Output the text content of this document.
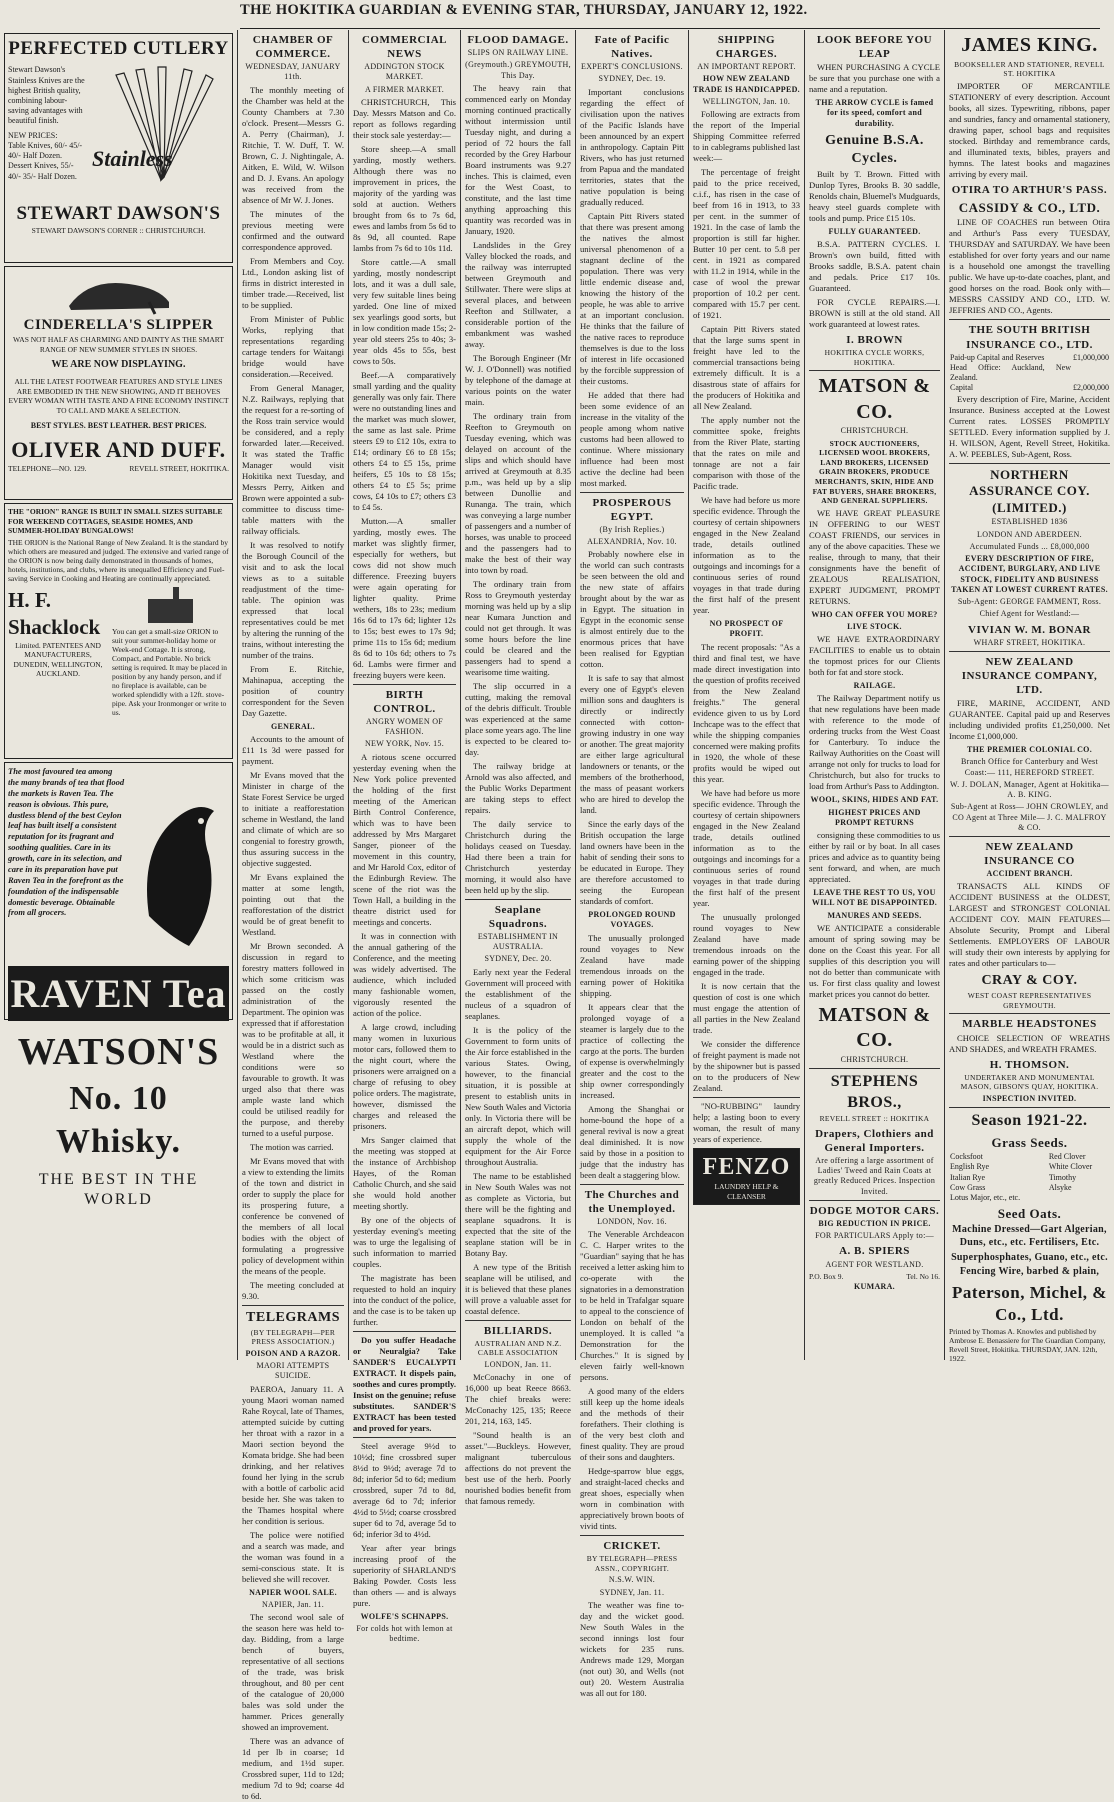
THE HOKITIKA GUARDIAN & EVENING STAR, THURSDAY, JANUARY 12, 1922.
PERFECTED CUTLERY
Stewart Dawson's Stainless Knives are the highest British quality, combining labour-saving advantages with beautiful finish.
NEW PRICES:
Table Knives, 60/- 45/- 40/- Half Dozen.
Dessert Knives, 55/- 40/- 35/- Half Dozen.
Stainless
STEWART DAWSON'S
STEWART DAWSON'S CORNER :: CHRISTCHURCH.
CINDERELLA'S SLIPPER
WAS NOT HALF AS CHARMING AND DAINTY AS THE SMART RANGE OF NEW SUMMER STYLES IN SHOES.
WE ARE NOW DISPLAYING.
ALL THE LATEST FOOTWEAR FEATURES AND STYLE LINES ARE EMBODIED IN THE NEW SHOWING, AND IT BEHOVES EVERY WOMAN WITH TASTE AND A FINE ECONOMY INSTINCT TO CALL AND MAKE A SELECTION.
BEST STYLES. BEST LEATHER. BEST PRICES.
OLIVER AND DUFF.
TELEPHONE—NO. 129.	REVELL STREET, HOKITIKA.
THE "ORION" RANGE IS BUILT IN SMALL SIZES SUITABLE FOR WEEKEND COTTAGES, SEASIDE HOMES, AND SUMMER-HOLIDAY BUNGALOWS!
THE ORION is the National Range of New Zealand. It is the standard by which others are measured and judged. The extensive and varied range of the ORION is now being daily demonstrated in thousands of homes, hotels, institutions, and clubs, where its unequalled Efficiency and Fuel-saving Service in Cooking and Heating are continually appreciated.
H. F. Shacklock
Limited. PATENTEES AND MANUFACTURERS, DUNEDIN, WELLINGTON, AUCKLAND.
You can get a small-size ORION to suit your summer-holiday home or Week-end Cottage. It is strong, Compact, and Portable. No brick setting is required. It may be placed in position by any handy person, and if no fireplace is available, can be worked splendidly with a 12ft. stove-pipe. Ask your Ironmonger or write to us.
The most favoured tea among the many brands of tea that flood the markets is Raven Tea. The reason is obvious. This pure, dustless blend of the best Ceylon leaf has built itself a consistent reputation for its fragrant and soothing qualities. Care in its growth, care in its selection, and care in its preparation have put Raven Tea in the forefront as the foundation of the indispensable domestic beverage. Obtainable from all grocers.
RAVEN Tea
WATSON'S
No. 10 Whisky.
THE BEST IN THE WORLD
CHAMBER OF COMMERCE.
WEDNESDAY, JANUARY 11th.

The monthly meeting of the Chamber was held at the County Chambers at 7.30 o'clock. Present—Messrs G. A. Perry (Chairman), J. Ritchie, T. W. Duff, T. W. Brown, C. J. Nightingale, A. Aitken, E. Wild, W. Wilson and D. J. Evans. An apology was received from the absence of Mr W. J. Jones.

The minutes of the previous meeting were confirmed and the outward correspondence approved.

From Members and Coy. Ltd., London asking list of firms in district interested in timber trade.—Received, list to be supplied.

From Minister of Public Works, replying that representations regarding cartage tenders for Waitangi bridge would have consideration.—Received.

From General Manager, N.Z. Railways, replying that the request for a re-sorting of the Ross train service would be considered, and a reply forwarded later.—Received. It was stated the Traffic Manager would visit Hokitika next Tuesday, and Messrs Perry, Aitken and Brown were appointed a sub-committee to discuss time-table matters with the railway officials.

It was resolved to notify the Borough Council of the visit and to ask the local views as to a suitable readjustment of the time-table. The opinion was expressed that local representatives could be met by altering the running of the trains, without interesting the number of the trains.

From E. Ritchie, Mahinapua, accepting the position of country correspondent for the Seven Day Gazette.

GENERAL.

Accounts to the amount of £11 1s 3d were passed for payment.

Mr Evans moved that the Minister in charge of the State Forest Service be urged to initiate a reafforestation scheme in Westland, the land and climate of which are so congenial to forestry growth, thus assuring success in the objective suggested.

Mr Evans explained the matter at some length, pointing out that the reafforestation of the district would be of great benefit to Westland.

Mr Brown seconded. A discussion in regard to forestry matters followed in which some criticism was passed on the costly administration of the Department. The opinion was expressed that if afforestation was to be profitable at all, it would be in a district such as Westland where the conditions were so favourable to growth. It was urged also that there was ample waste land which could be utilised readily for the purpose, and thereby turned to a useful purpose.

The motion was carried.

Mr Evans moved that with a view to extending the limits of the town and district in order to supply the place for its prospering future, a conference be convened of the members of all local bodies with the object of formulating a progressive policy of development within the means of the people.

The meeting concluded at 9.30.

TELEGRAMS
(BY TELEGRAPH—PER PRESS ASSOCIATION.)
POISON AND A RAZOR.
MAORI ATTEMPTS SUICIDE.

PAEROA, January 11. A young Maori woman named Rahe Roycal, late of Thames, attempted suicide by cutting her throat with a razor in a Maori section beyond the Komata bridge. She had been drinking, and her relatives found her lying in the scrub with a bottle of carbolic acid beside her. She was taken to the Thames hospital where her condition is serious.

The police were notified and a search was made, and the woman was found in a semi-conscious state. It is believed she will recover.

NAPIER WOOL SALE.
NAPIER, Jan. 11.

The second wool sale of the season here was held to-day. Bidding, from a large bench of buyers, representative of all sections of the trade, was brisk throughout, and 80 per cent of the catalogue of 20,000 bales was sold under the hammer. Prices generally showed an improvement.

There was an advance of 1d per lb in coarse; 1d medium, and 1½d super. Crossbred super, 11d to 12d; medium 7d to 9d; coarse 4d to 6d.

COMMERCIAL NEWS
ADDINGTON STOCK MARKET.
A FIRMER MARKET.

CHRISTCHURCH, This Day. Messrs Matson and Co. report as follows regarding their stock sale yesterday:—

Store sheep.—A small yarding, mostly wethers. Although there was no improvement in prices, the majority of the yarding was sold at auction. Wethers brought from 6s to 7s 6d, ewes and lambs from 5s 6d to 8s 9d, all counted. Rape lambs from 7s 6d to 10s 11d.

Store cattle.—A small yarding, mostly nondescript lots, and it was a dull sale, very few suitable lines being yarded. One line of mixed sex yearlings good sorts, but in low condition made 15s; 2-year old steers 25s to 40s; 3-year olds 45s to 55s, best cows to 50s.

Beef.—A comparatively small yarding and the quality generally was only fair. There were no outstanding lines and the market was much slower, the same as last sale. Prime steers £9 to £12 10s, extra to £14; ordinary £6 to £8 15s; others £4 to £5 15s, prime heifers, £5 10s to £8 15s; others £4 to £5 5s; prime cows, £4 10s to £7; others £3 to £4 5s.

Mutton.—A smaller yarding, mostly ewes. The market was slightly firmer, especially for wethers, but cows did not show much difference. Freezing buyers were again operating for lighter quality. Prime wethers, 18s to 23s; medium 16s 6d to 17s 6d; lighter 12s to 15s; best ewes to 17s 9d; prime 11s to 15s 6d; medium 8s 6d to 10s 6d; others to 7s 6d. Lambs were firmer and freezing buyers were keen.

BIRTH CONTROL.
ANGRY WOMEN OF FASHION.
NEW YORK, Nov. 15.

A riotous scene occurred yesterday evening when the New York police prevented the holding of the first meeting of the American Birth Control Conference, which was to have been addressed by Mrs Margaret Sanger, pioneer of the movement in this country, and Mr Harold Cox, editor of the Edinburgh Review. The scene of the riot was the Town Hall, a building in the theatre district used for meetings and concerts.

It was in connection with the annual gathering of the Conference, and the meeting was widely advertised. The audience, which included many fashionable women, vigorously resented the action of the police.

A large crowd, including many women in luxurious motor cars, followed them to the night court, where the prisoners were arraigned on a charge of refusing to obey police orders. The magistrate, however, dismissed the charges and released the prisoners.

Mrs Sanger claimed that the meeting was stopped at the instance of Archbishop Hayes, of the Roman Catholic Church, and she said she would hold another meeting shortly.

By one of the objects of yesterday evening's meeting was to urge the legalising of such information to married couples.

The magistrate has been requested to hold an inquiry into the conduct of the police, and the case is to be taken up further.

Do you suffer Headache or Neuralgia? Take SANDER'S EUCALYPTI EXTRACT. It dispels pain, soothes and cures promptly. Insist on the genuine; refuse substitutes. SANDER'S EXTRACT has been tested and proved for years.

Steel average 9½d to 10½d; fine crossbred super 8½d to 9½d; average 7d to 8d; inferior 5d to 6d; medium crossbred, super 7d to 8d, average 6d to 7d; inferior 4½d to 5½d; coarse crossbred super 6d to 7d, average 5d to 6d; inferior 3d to 4½d.

Year after year brings increasing proof of the superiority of SHARLAND'S Baking Powder. Costs less than others — and is always pure.

WOLFE'S SCHNAPPS.
For colds hot with lemon at bedtime.
FLOOD DAMAGE.
SLIPS ON RAILWAY LINE.
(Greymouth.) GREYMOUTH, This Day.

The heavy rain that commenced early on Monday morning continued practically without intermission until Tuesday night, and during a period of 72 hours the fall recorded by the Grey Harbour Board instruments was 9.27 inches. This is claimed, even for the West Coast, to constitute, and the last time anything approaching this quantity was recorded was in January, 1920.

Landslides in the Grey Valley blocked the roads, and the railway was interrupted between Greymouth and Stillwater. There were slips at several places, and between Reefton and Stillwater, a considerable portion of the embankment was washed away.

The Borough Engineer (Mr W. J. O'Donnell) was notified by telephone of the damage at various points on the water main.

The ordinary train from Reefton to Greymouth on Tuesday evening, which was delayed on account of the slips and which should have arrived at Greymouth at 8.35 p.m., was held up by a slip between Dunollie and Runanga. The train, which was conveying a large number of passengers and a number of horses, was unable to proceed and the passengers had to make the best of their way into town by road.

The ordinary train from Ross to Greymouth yesterday morning was held up by a slip near Kumara Junction and could not get through. It was some hours before the line could be cleared and the passengers had to spend a wearisome time waiting.

The slip occurred in a cutting, making the removal of the debris difficult. Trouble was experienced at the same place some years ago. The line is expected to be cleared to-day.

The railway bridge at Arnold was also affected, and the Public Works Department are taking steps to effect repairs.

The daily service to Christchurch during the holidays ceased on Tuesday. Had there been a train for Christchurch yesterday morning, it would also have been held up by the slip.

Seaplane Squadrons.
ESTABLISHMENT IN AUSTRALIA.
SYDNEY, Dec. 20.

Early next year the Federal Government will proceed with the establishment of the nucleus of a squadron of seaplanes.

It is the policy of the Government to form units of the Air force established in the various States. Owing, however, to the financial situation, it is possible at present to establish units in New South Wales and Victoria only. In Victoria there will be an aircraft depot, which will supply the whole of the equipment for the Air Force throughout Australia.

The name to be established in New South Wales was not as complete as Victoria, but there will be the fighting and seaplane squadrons. It is expected that the site of the seaplane station will be in Botany Bay.

A new type of the British seaplane will be utilised, and it is believed that these planes will prove a valuable asset for coastal defence.

BILLIARDS.
AUSTRALIAN AND N.Z. CABLE ASSOCIATION
LONDON, Jan. 11.

McConachy in one of 16,000 up beat Reece 8663. The chief breaks were: McConachy 125, 135; Reece 201, 214, 163, 145.

"Sound health is an asset."—Buckleys. However, malignant tuberculous affections do not prevent the best use of the herb. Poorly nourished bodies benefit from that famous remedy.

Fate of Pacific Natives.
EXPERT'S CONCLUSIONS.
SYDNEY, Dec. 19.

Important conclusions regarding the effect of civilisation upon the natives of the Pacific Islands have been announced by an expert in anthropology. Captain Pitt Rivers, who has just returned from Papua and the mandated territories, states that the native population is being gradually reduced.

Captain Pitt Rivers stated that there was present among the natives the almost universal phenomenon of a stagnant decline of the population. There was very little endemic disease and, knowing the history of the people, he was able to arrive at an important conclusion. He thinks that the failure of the native races to reproduce themselves is due to the loss of interest in life occasioned by the forcible suppression of their customs.

He added that there had been some evidence of an increase in the vitality of the people among whom native customs had been allowed to continue. Where missionary influence had been most active the decline had been most marked.

PROSPEROUS EGYPT.
(By Irish Replies.)
ALEXANDRIA, Nov. 10.

Probably nowhere else in the world can such contrasts be seen between the old and the new state of affairs brought about by the war as in Egypt. The situation in Egypt in the economic sense is almost entirely due to the enormous prices that have been realised for Egyptian cotton.

It is safe to say that almost every one of Egypt's eleven million sons and daughters is directly or indirectly connected with cotton-growing industry in one way or another. The great majority are either large agricultural landowners or tenants, or the members of the brotherhood, the mass of peasant workers who are hired to develop the land.

Since the early days of the British occupation the large land owners have been in the habit of sending their sons to be educated in Europe. They are therefore accustomed to seeing the European standards of comfort.

PROLONGED ROUND VOYAGES.

The unusually prolonged round voyages to New Zealand have made tremendous inroads on the earning power of Hokitika shipping.

It appears clear that the prolonged voyage of a steamer is largely due to the practice of collecting the cargo at the ports. The burden of expense is overwhelmingly greater and the cost to the ship owner correspondingly increased.

Among the Shanghai or home-bound the hope of a general revival is now a great deal diminished. It is now said by those in a position to judge that the industry has been dealt a staggering blow.

The Churches and the Unemployed.
LONDON, Nov. 16.

The Venerable Archdeacon C. C. Harper writes to the "Guardian" saying that he has received a letter asking him to co-operate with the signatories in a demonstration to be held in Trafalgar square to appeal to the conscience of London on behalf of the unemployed. It is called "a Demonstration for the Churches." It is signed by eleven fairly well-known persons.

A good many of the elders still keep up the home ideals and the methods of their forefathers. Their clothing is of the very best cloth and finest quality. They are proud of their sons and daughters.

Hedge-sparrow blue eggs, and straight-laced checks and great shoes, especially when worn in combination with appreciatively brown boots of vivid tints.

CRICKET.
BY TELEGRAPH—PRESS ASSN., COPYRIGHT.
N.S.W. WIN.
SYDNEY, Jan. 11.

The weather was fine to-day and the wicket good. New South Wales in the second innings lost four wickets for 235 runs. Andrews made 129, Morgan (not out) 30, and Wells (not out) 20. Western Australia was all out for 180.

SHIPPING CHARGES.
AN IMPORTANT REPORT.
HOW NEW ZEALAND TRADE IS HANDICAPPED.
WELLINGTON, Jan. 10.

Following are extracts from the report of the Imperial Shipping Committee referred to in cablegrams published last week:—

The percentage of freight paid to the price received, c.i.f., has risen in the case of beef from 16 in 1913, to 33 per cent. in the summer of 1921. In the case of lamb the proportion is still far higher. Butter 10 per cent. to 5.8 per cent. in 1921 as compared with 11.2 in 1914, while in the case of wool the prewar proportion of 10.2 per cent. compared with 15.7 per cent. of 1921.

Captain Pitt Rivers stated that the large sums spent in freight have led to the commercial transactions being extremely difficult. It is a disastrous state of affairs for the producers of Hokitika and all New Zealand.

The apply number not the committee spoke, freights from the River Plate, starting that the rates on mile and tonnage are not a fair comparison with those of the Pacific trade.

We have had before us more specific evidence. Through the courtesy of certain shipowners engaged in the New Zealand trade, details outlined information as to the outgoings and incomings for a continuous series of round voyages in that trade during the first half of the present year.

NO PROSPECT OF PROFIT.

The recent proposals: "As a third and final test, we have made direct investigation into the question of profits received from the New Zealand freights." The general evidence given to us by Lord Inchcape was to the effect that while the shipping companies concerned were making profits in 1920, the whole of these profits would be wiped out this year.

We have had before us more specific evidence. Through the courtesy of certain shipowners engaged in the New Zealand trade, details outlined information as to the outgoings and incomings for a continuous series of round voyages in that trade during the first half of the present year.

The unusually prolonged round voyages to New Zealand have made tremendous inroads on the earning power of the shipping engaged in the trade.

It is now certain that the question of cost is one which must engage the attention of all parties in the New Zealand trade.

We consider the difference of freight payment is made not by the shipowner but is passed on to the producers of New Zealand.

"NO-RUBBING" laundry help; a lasting boon to every woman, the result of many years of experience.

FENZO
LAUNDRY HELP & CLEANSER
LOOK BEFORE YOU LEAP

WHEN PURCHASING A CYCLE be sure that you purchase one with a name and a reputation.

THE ARROW CYCLE is famed for its speed, comfort and durability.
Genuine B.S.A. Cycles.

Built by T. Brown. Fitted with Dunlop Tyres, Brooks B. 30 saddle, Renolds chain, Bluemel's Mudguards, heavy steel guards complete with tools and pump. Price £15 10s.

FULLY GUARANTEED.

B.S.A. PATTERN CYCLES. I. Brown's own build, fitted with Brooks saddle, B.S.A. patent chain and pedals. Price £17 10s. Guaranteed.

FOR CYCLE REPAIRS.—I. BROWN is still at the old stand. All work guaranteed at lowest rates.

I. BROWN
HOKITIKA CYCLE WORKS, HOKITIKA.
MATSON & CO.
CHRISTCHURCH.
STOCK AUCTIONEERS, LICENSED WOOL BROKERS, LAND BROKERS, LICENSED GRAIN BROKERS, PRODUCE MERCHANTS, SKIN, HIDE AND FAT BUYERS, SHARE BROKERS, AND GENERAL SUPPLIERS.

WE HAVE GREAT PLEASURE IN OFFERING to our WEST COAST FRIENDS, our services in any of the above capacities. These we realise, through to many, that their consignments have the benefit of ZEALOUS REALISATION, EXPERT JUDGMENT, PROMPT RETURNS.

WHO CAN OFFER YOU MORE?
LIVE STOCK.

WE HAVE EXTRAORDINARY FACILITIES to enable us to obtain the topmost prices for our Clients both for fat and store stock.

RAILAGE.

The Railway Department notify us that new regulations have been made with reference to the mode of ordering trucks from the West Coast for Canterbury. To induce the Railway Authorities on the Coast will arrange not only for trucks to load for Christchurch, but also for trucks to load from Arthur's Pass to Addington.

WOOL, SKINS, HIDES AND FAT.
HIGHEST PRICES AND PROMPT RETURNS

consigning these commodities to us either by rail or by boat. In all cases prices and advice as to quantity being sent forward, and when, are much appreciated.

LEAVE THE REST TO US, YOU WILL NOT BE DISAPPOINTED.
MANURES AND SEEDS.

WE ANTICIPATE a considerable amount of spring sowing may be done on the Coast this year. For all supplies of this description you will not do better than communicate with us. For first class quality and lowest market prices you cannot do better.

MATSON & CO.
CHRISTCHURCH.
STEPHENS BROS.,
REVELL STREET :: HOKITIKA
Drapers, Clothiers and General Importers.
Are offering a large assortment of Ladies' Tweed and Rain Coats at greatly Reduced Prices. Inspection Invited.
DODGE MOTOR CARS.
BIG REDUCTION IN PRICE.
FOR PARTICULARS Apply to:—
A. B. SPIERS
AGENT FOR WESTLAND.
P.O. Box 9.	Tel. No 16.
KUMARA.
JAMES KING.
BOOKSELLER AND STATIONER, REVELL ST. HOKITIKA

IMPORTER OF MERCANTILE STATIONERY of every description. Account books, all sizes. Typewriting, ribbons, paper and sundries, fancy and ornamental stationery, drawing paper, school bags and requisites stocked. Birthday and remembrance cards, and illuminated texts, bibles, prayers and hymns. The latest books and magazines arriving by every mail.

OTIRA TO ARTHUR'S PASS.
CASSIDY & CO., LTD.

LINE OF COACHES run between Otira and Arthur's Pass every TUESDAY, THURSDAY and SATURDAY. We have been established for over forty years and our name is a household one amongst the travelling public. We have up-to-date coaches, plant, and good horses on the road. Book only with— MESSRS CASSIDY AND CO., LTD. W. JEFFRIES AND CO., Agents.

THE SOUTH BRITISH INSURANCE CO., LTD.
Paid-up Capital and Reserves	£1,000,000
Head Office: Auckland, New Zealand.	
Capital	£2,000,000

Every description of Fire, Marine, Accident Insurance. Business accepted at the Lowest Current rates. LOSSES PROMPTLY SETTLED. Every information supplied by J. H. WILSON, Agent, Revell Street, Hokitika. A. W. PEEBLES, Sub-Agent, Ross.

NORTHERN ASSURANCE COY. (LIMITED.)
ESTABLISHED 1836
LONDON AND ABERDEEN.
Accumulated Funds ... £8,000,000
EVERY DESCRIPTION OF FIRE, ACCIDENT, BURGLARY, AND LIVE STOCK, FIDELITY AND BUSINESS TAKEN AT LOWEST CURRENT RATES.
Sub-Agent: GEORGE FAMMENT, Ross.
Chief Agent for Westland:—
VIVIAN W. M. BONAR
WHARF STREET, HOKITIKA.
NEW ZEALAND INSURANCE COMPANY, LTD.

FIRE, MARINE, ACCIDENT, AND GUARANTEE. Capital paid up and Reserves including undivided profits £1,250,000. Net Income £1,000,000.

THE PREMIER COLONIAL CO.
Branch Office for Canterbury and West Coast:— 111, HEREFORD STREET.
W. J. DOLAN, Manager, Agent at Hokitika— A. B. KING.
Sub-Agent at Ross— JOHN CROWLEY, and CO Agent at Three Mile— J. C. MALFROY & CO.
NEW ZEALAND INSURANCE CO
ACCIDENT BRANCH.

TRANSACTS ALL KINDS OF ACCIDENT BUSINESS at the OLDEST, LARGEST and STRONGEST COLONIAL ACCIDENT COY. MAIN FEATURES—Absolute Security, Prompt and Liberal Settlements. EMPLOYERS OF LABOUR will study their own interests by applying for rates and other particulars to—

CRAY & COY.
WEST COAST REPRESENTATIVES GREYMOUTH.
MARBLE HEADSTONES

CHOICE SELECTION OF WREATHS AND SHADES, and WREATH FRAMES.

H. THOMSON.
UNDERTAKER AND MONUMENTAL MASON, GIBSON'S QUAY, HOKITIKA.
INSPECTION INVITED.
Season 1921-22.
Grass Seeds.
Cocksfoot	Red Clover
English Rye	White Clover
Italian Rye	Timothy
Cow Grass	Alsyke
Lotus Major, etc., etc.	
Seed Oats.
Machine Dressed—Gart Algerian, Duns, etc., etc. Fertilisers, Etc.
Superphosphates, Guano, etc., etc.
Fencing Wire, barbed & plain,
Paterson, Michel, & Co., Ltd.
Printed by Thomas A. Knowles and published by Ambrose E. Benassiere for The Guardian Company, Revell Street, Hokitika. THURSDAY, JAN. 12th, 1922.
